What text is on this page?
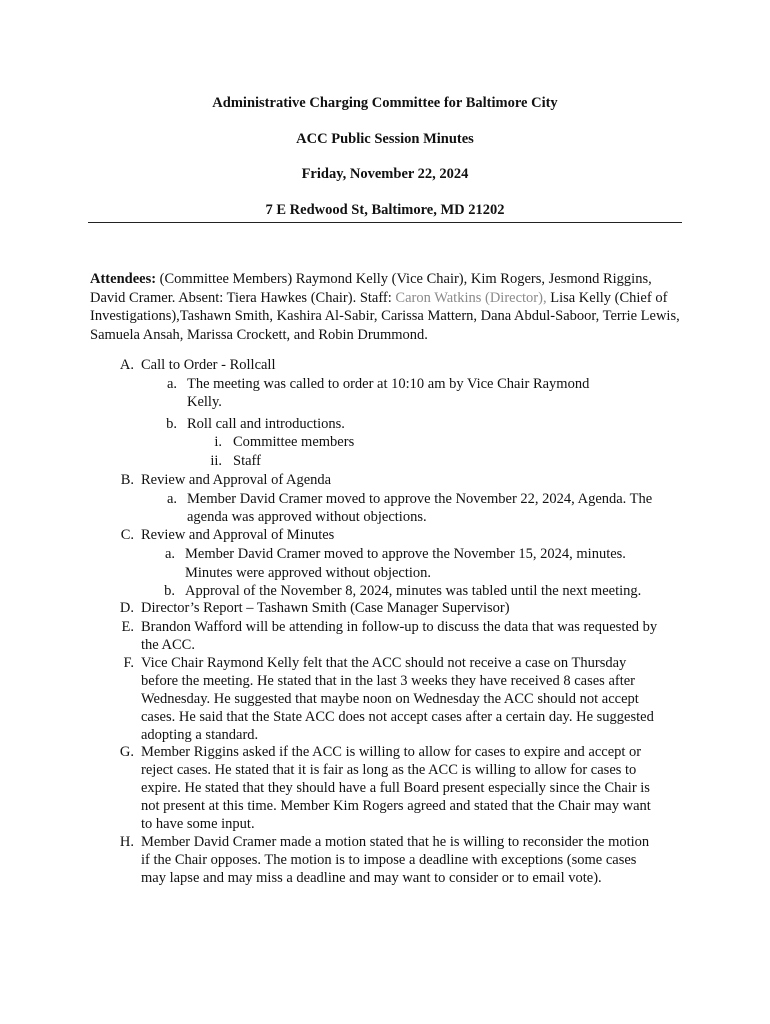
Administrative Charging Committee for Baltimore City
ACC Public Session Minutes
Friday, November 22, 2024
7 E Redwood St, Baltimore, MD 21202
Attendees: (Committee Members) Raymond Kelly (Vice Chair), Kim Rogers, Jesmond Riggins, David Cramer. Absent: Tiera Hawkes (Chair). Staff: Caron Watkins (Director), Lisa Kelly (Chief of Investigations),Tashawn Smith, Kashira Al-Sabir, Carissa Mattern, Dana Abdul-Saboor, Terrie Lewis, Samuela Ansah, Marissa Crockett, and Robin Drummond.
A. Call to Order - Rollcall
a. The meeting was called to order at 10:10 am by Vice Chair Raymond
Kelly.
b. Roll call and introductions.
i. Committee members
ii. Staff
B. Review and Approval of Agenda
a. Member David Cramer moved to approve the November 22, 2024, Agenda. The
agenda was approved without objections.
C. Review and Approval of Minutes
a. Member David Cramer moved to approve the November 15, 2024, minutes.
Minutes were approved without objection.
b. Approval of the November 8, 2024, minutes was tabled until the next meeting.
D. Director’s Report – Tashawn Smith (Case Manager Supervisor)
E. Brandon Wafford will be attending in follow-up to discuss the data that was requested by
the ACC.
F. Vice Chair Raymond Kelly felt that the ACC should not receive a case on Thursday
before the meeting. He stated that in the last 3 weeks they have received 8 cases after
Wednesday. He suggested that maybe noon on Wednesday the ACC should not accept
cases. He said that the State ACC does not accept cases after a certain day. He suggested
adopting a standard.
G. Member Riggins asked if the ACC is willing to allow for cases to expire and accept or
reject cases. He stated that it is fair as long as the ACC is willing to allow for cases to
expire. He stated that they should have a full Board present especially since the Chair is
not present at this time. Member Kim Rogers agreed and stated that the Chair may want
to have some input.
H. Member David Cramer made a motion stated that he is willing to reconsider the motion
if the Chair opposes. The motion is to impose a deadline with exceptions (some cases
may lapse and may miss a deadline and may want to consider or to email vote).
